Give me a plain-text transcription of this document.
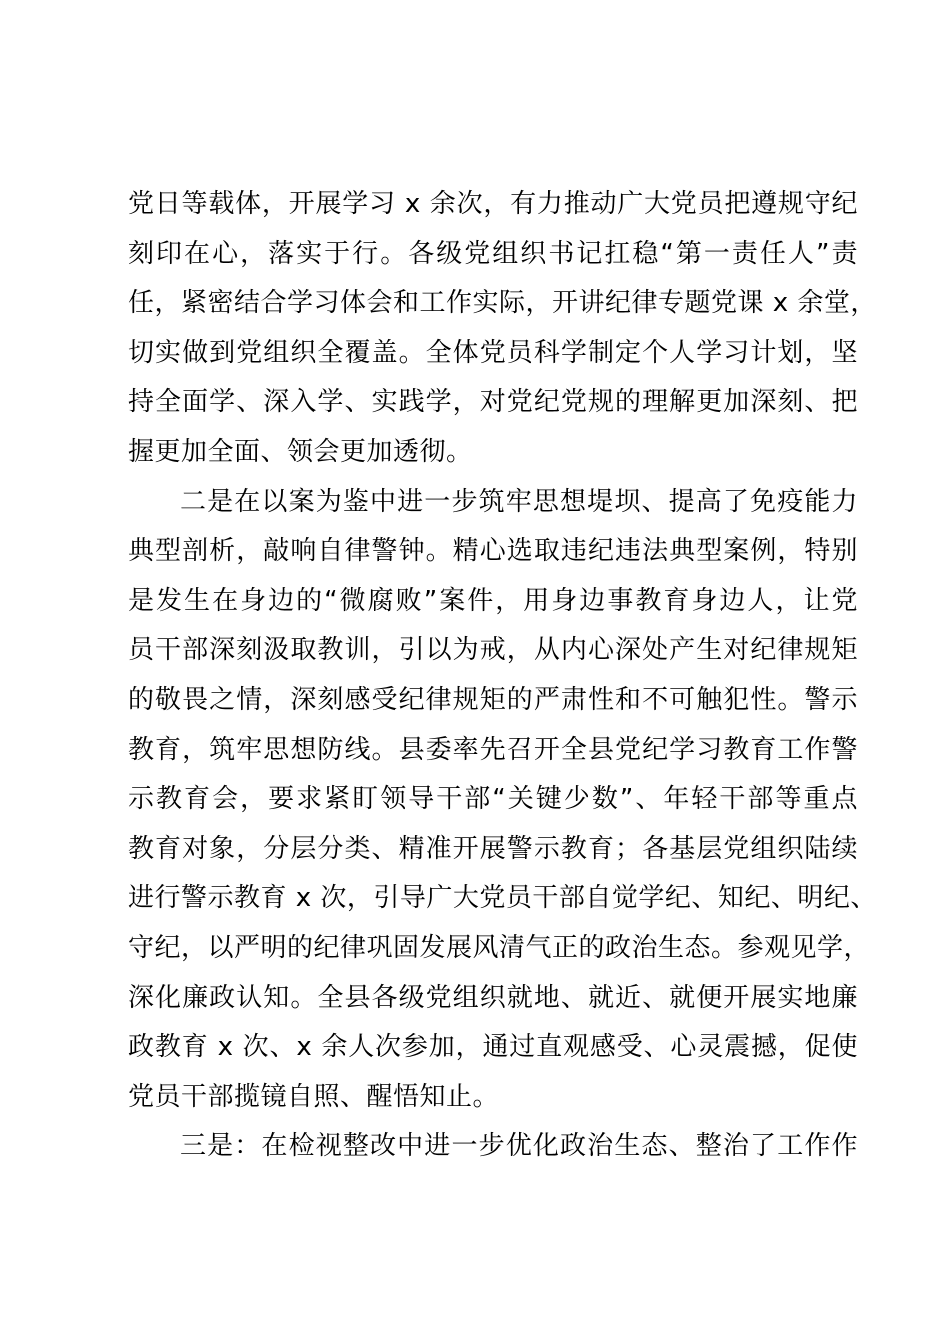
党日等载体，开展学习 x 余次，有力推动广大党员把遵规守纪
刻印在心，落实于行。各级党组织书记扛稳“第一责任人”责
任，紧密结合学习体会和工作实际，开讲纪律专题党课 x 余堂，
切实做到党组织全覆盖。全体党员科学制定个人学习计划，坚
持全面学、深入学、实践学，对党纪党规的理解更加深刻、把
握更加全面、领会更加透彻。
二是在以案为鉴中进一步筑牢思想堤坝、提高了免疫能力
典型剖析，敲响自律警钟。精心选取违纪违法典型案例，特别
是发生在身边的“微腐败”案件，用身边事教育身边人，让党
员干部深刻汲取教训，引以为戒，从内心深处产生对纪律规矩
的敬畏之情，深刻感受纪律规矩的严肃性和不可触犯性。警示
教育，筑牢思想防线。县委率先召开全县党纪学习教育工作警
示教育会，要求紧盯领导干部“关键少数”、年轻干部等重点
教育对象，分层分类、精准开展警示教育；各基层党组织陆续
进行警示教育 x 次，引导广大党员干部自觉学纪、知纪、明纪、
守纪，以严明的纪律巩固发展风清气正的政治生态。参观见学，
深化廉政认知。全县各级党组织就地、就近、就便开展实地廉
政教育 x 次、x 余人次参加，通过直观感受、心灵震撼，促使
党员干部揽镜自照、醒悟知止。
三是：在检视整改中进一步优化政治生态、整治了工作作
